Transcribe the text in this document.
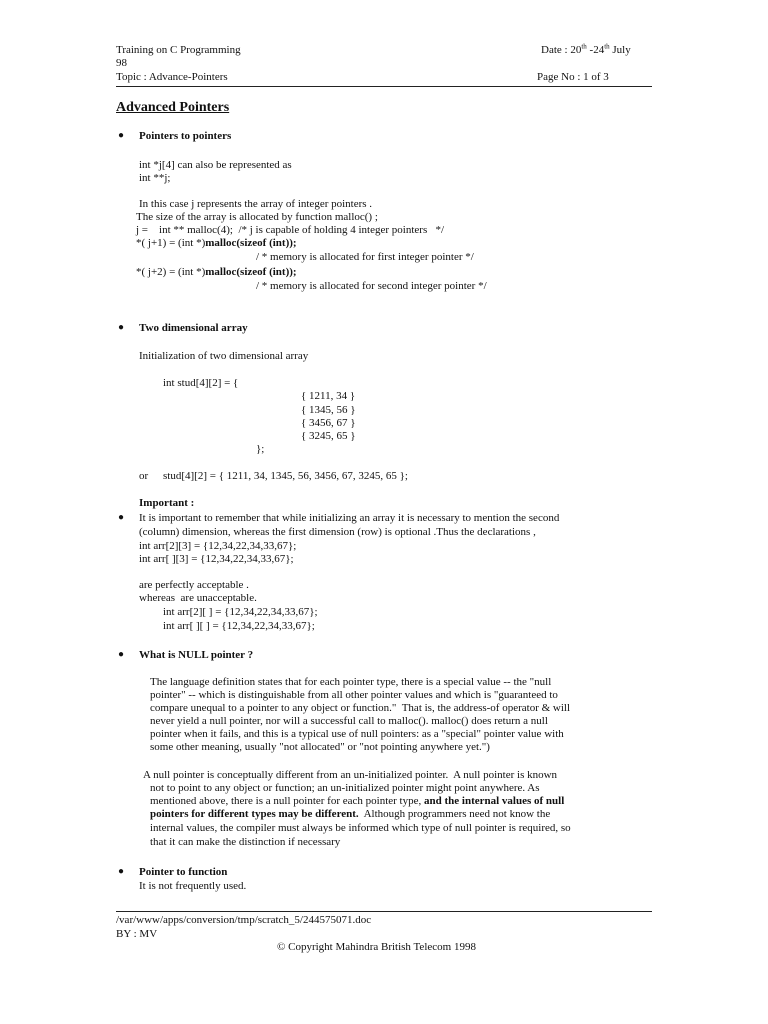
Training on C Programming
98
Topic : Advance-Pointers
Date : 20th -24th July
Page No : 1 of 3
Advanced Pointers
● Pointers to pointers
int *j[4] can also be represented as
int **j;
In this case j represents the array of integer pointers .
The size of the array is allocated by function malloc() ;
j =    int ** malloc(4);  /* j is capable of holding 4 integer pointers   */
*( j+1) = (int *)malloc(sizeof (int));
/ * memory is allocated for first integer pointer */
*( j+2) = (int *)malloc(sizeof (int));
/ * memory is allocated for second integer pointer */
● Two dimensional array
Initialization of two dimensional array
int stud[4][2] = {
{ 1211, 34 }
{ 1345, 56 }
{ 3456, 67 }
{ 3245, 65 }
};
or stud[4][2] = { 1211, 34, 1345, 56, 3456, 67, 3245, 65 };
Important :
● It is important to remember that while initializing an array it is necessary to mention the second
(column) dimension, whereas the first dimension (row) is optional .Thus the declarations ,
int arr[2][3] = {12,34,22,34,33,67};
int arr[ ][3] = {12,34,22,34,33,67};
are perfectly acceptable .
whereas  are unacceptable.
int arr[2][ ] = {12,34,22,34,33,67};
int arr[ ][ ] = {12,34,22,34,33,67};
● What is NULL pointer ?
The language definition states that for each pointer type, there is a special value -- the "null
pointer" -- which is distinguishable from all other pointer values and which is "guaranteed to
compare unequal to a pointer to any object or function."  That is, the address-of operator & will
never yield a null pointer, nor will a successful call to malloc(). malloc() does return a null
pointer when it fails, and this is a typical use of null pointers: as a "special" pointer value with
some other meaning, usually "not allocated" or "not pointing anywhere yet.")
A null pointer is conceptually different from an un-initialized pointer.  A null pointer is known
not to point to any object or function; an un-initialized pointer might point anywhere. As
mentioned above, there is a null pointer for each pointer type, and the internal values of null
pointers for different types may be different.  Although programmers need not know the
internal values, the compiler must always be informed which type of null pointer is required, so
that it can make the distinction if necessary
● Pointer to function
It is not frequently used.
/var/www/apps/conversion/tmp/scratch_5/244575071.doc
BY : MV
© Copyright Mahindra British Telecom 1998
